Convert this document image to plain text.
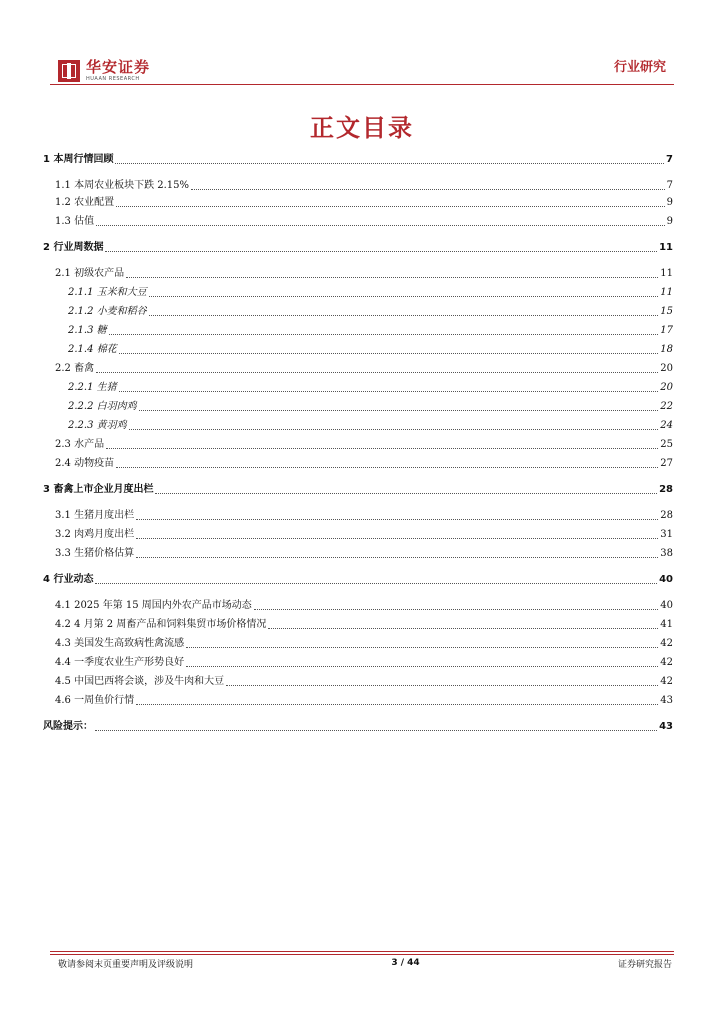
华安证券
HUAAN RESEARCH
行业研究
正文目录
1 本周行情回顾	7
1.1 本周农业板块下跌 2.15%	7
1.2 农业配置	9
1.3 估值	9
2 行业周数据	11
2.1 初级农产品	11
2.1.1 玉米和大豆	11
2.1.2 小麦和稻谷	15
2.1.3 糖	17
2.1.4 棉花	18
2.2 畜禽	20
2.2.1 生猪	20
2.2.2 白羽肉鸡	22
2.2.3 黄羽鸡	24
2.3 水产品	25
2.4 动物疫苗	27
3 畜禽上市企业月度出栏	28
3.1 生猪月度出栏	28
3.2 肉鸡月度出栏	31
3.3 生猪价格估算	38
4 行业动态	40
4.1 2025 年第 15 周国内外农产品市场动态	40
4.2 4 月第 2 周畜产品和饲料集贸市场价格情况	41
4.3 美国发生高致病性禽流感	42
4.4 一季度农业生产形势良好	42
4.5 中国巴西将会谈，涉及牛肉和大豆	42
4.6 一周鱼价行情	43
风险提示：	43
敬请参阅末页重要声明及评级说明	3 / 44	证券研究报告
